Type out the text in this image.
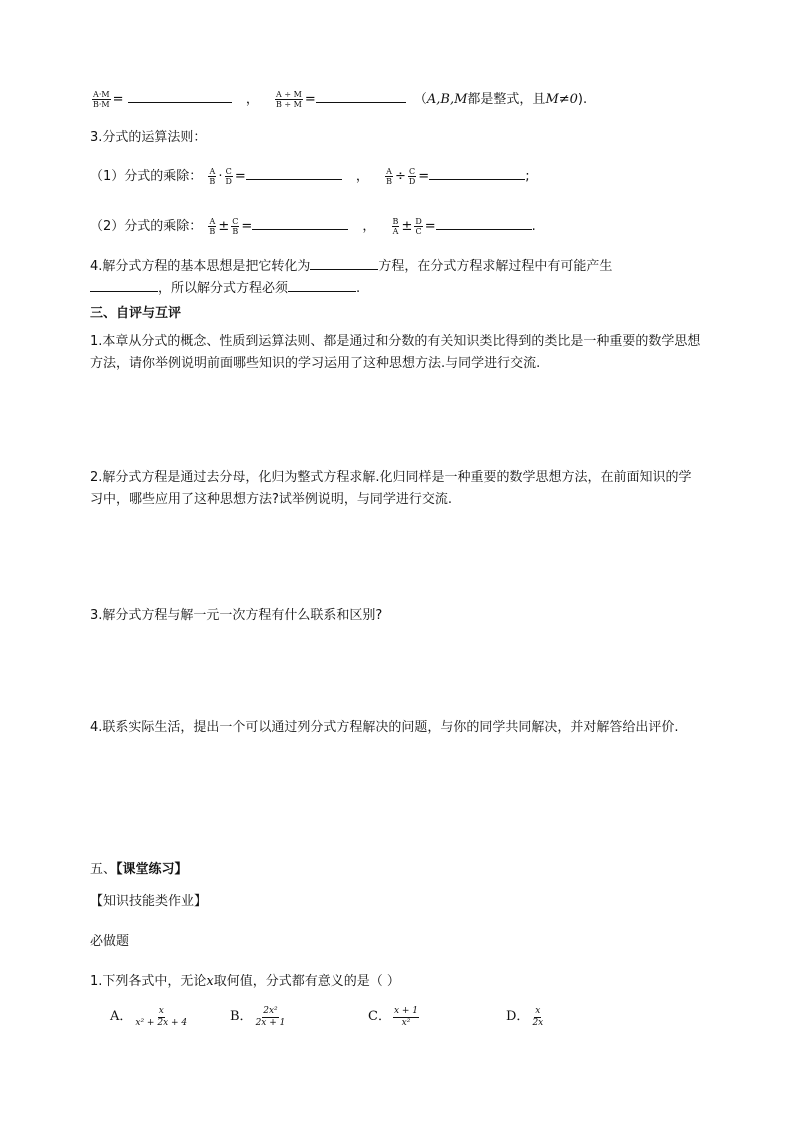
$\frac{A\cdot M}{B\cdot M}$ =	， $\frac{A \div M}{B \div M}$ =	（A,B,M都是整式，且M≠0).
3.分式的运算法则：
（1）分式的乘除： $\frac{A}{B} \cdot \frac{C}{D}$ =	， $\frac{A}{B} \div \frac{C}{D}$ =	;
（2）分式的乘除： $\frac{A}{B} \pm \frac{C}{B}$ =	， $\frac{B}{A} \pm \frac{D}{C}$ =	.
4.解分式方程的基本思想是把它转化为	方程，在分式方程求解过程中有可能产生
，所以解分式方程必须	.
三、自评与互评
1.本章从分式的概念、性质到运算法则、都是通过和分数的有关知识类比得到的类比是一种重要的数学思想方法，请你举例说明前面哪些知识的学习运用了这种思想方法.与同学进行交流.
2.解分式方程是通过去分母，化归为整式方程求解.化归同样是一种重要的数学思想方法，在前面知识的学习中，哪些应用了这种思想方法?试举例说明，与同学进行交流.
3.解分式方程与解一元一次方程有什么联系和区别?
4.联系实际生活，提出一个可以通过列分式方程解决的问题，与你的同学共同解决，并对解答给出评价.
五、【课堂练习】
【知识技能类作业】
必做题
1.下列各式中，无论x取何值，分式都有意义的是（ ）
A． $\frac{x}{\text{x² + 2x + 4}}$	B． $\frac{\text{2x²}}{2x + 1}$	C． $\frac{x + 1}{\text{x²}}$	D． $\frac{x}{2x}$
